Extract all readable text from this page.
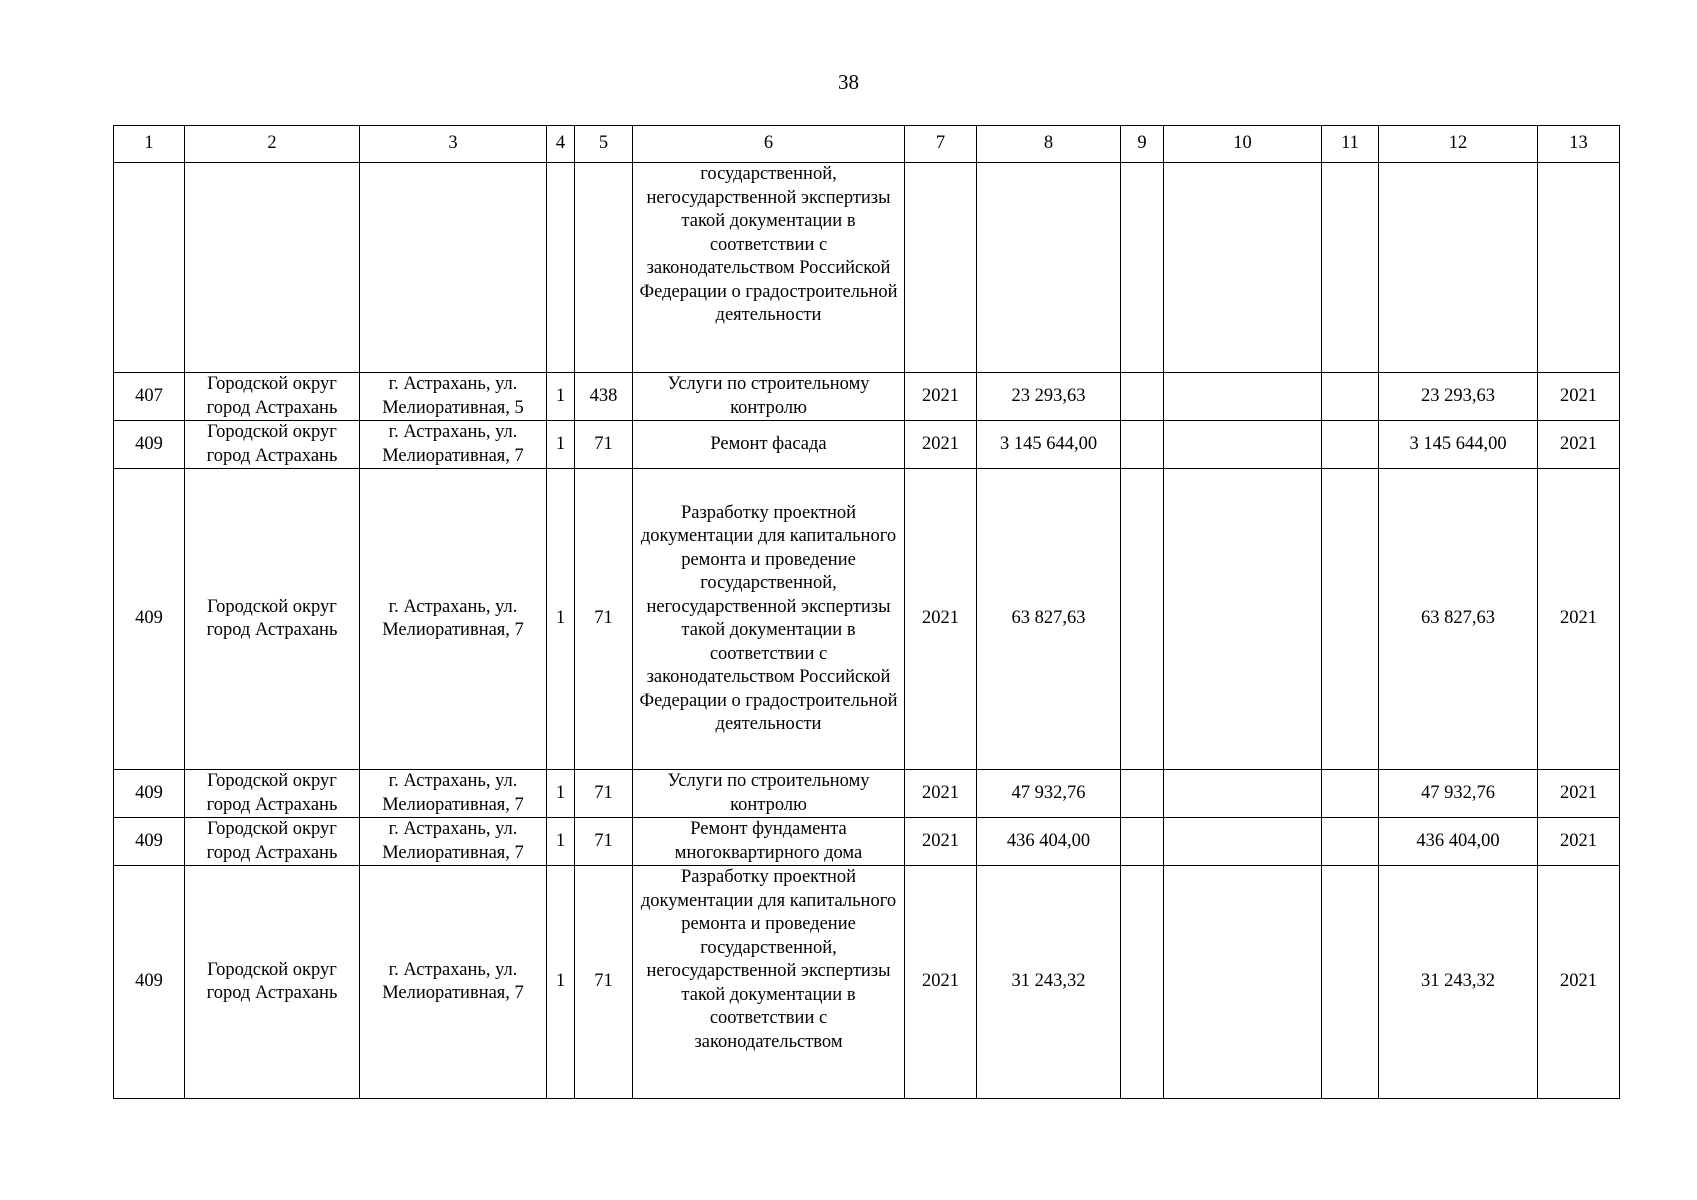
38
1	2	3	4	5	6	7	8	9	10	11	12	13
					государственной, негосударственной экспертизы такой документации в соответствии с законодательством Российской Федерации о градостроительной деятельности							
407	Городской округ город Астрахань	г. Астрахань, ул. Мелиоративная, 5	1	438	Услуги по строительному контролю	2021	23 293,63				23 293,63	2021
409	Городской округ город Астрахань	г. Астрахань, ул. Мелиоративная, 7	1	71	Ремонт фасада	2021	3 145 644,00				3 145 644,00	2021
409	Городской округ город Астрахань	г. Астрахань, ул. Мелиоративная, 7	1	71	Разработку проектной документации для капитального ремонта и проведение государственной, негосударственной экспертизы такой документации в соответствии с законодательством Российской Федерации о градостроительной деятельности	2021	63 827,63				63 827,63	2021
409	Городской округ город Астрахань	г. Астрахань, ул. Мелиоративная, 7	1	71	Услуги по строительному контролю	2021	47 932,76				47 932,76	2021
409	Городской округ город Астрахань	г. Астрахань, ул. Мелиоративная, 7	1	71	Ремонт фундамента многоквартирного дома	2021	436 404,00				436 404,00	2021
409	Городской округ город Астрахань	г. Астрахань, ул. Мелиоративная, 7	1	71	Разработку проектной документации для капитального ремонта и проведение государственной, негосударственной экспертизы такой документации в соответствии с законодательством	2021	31 243,32				31 243,32	2021
